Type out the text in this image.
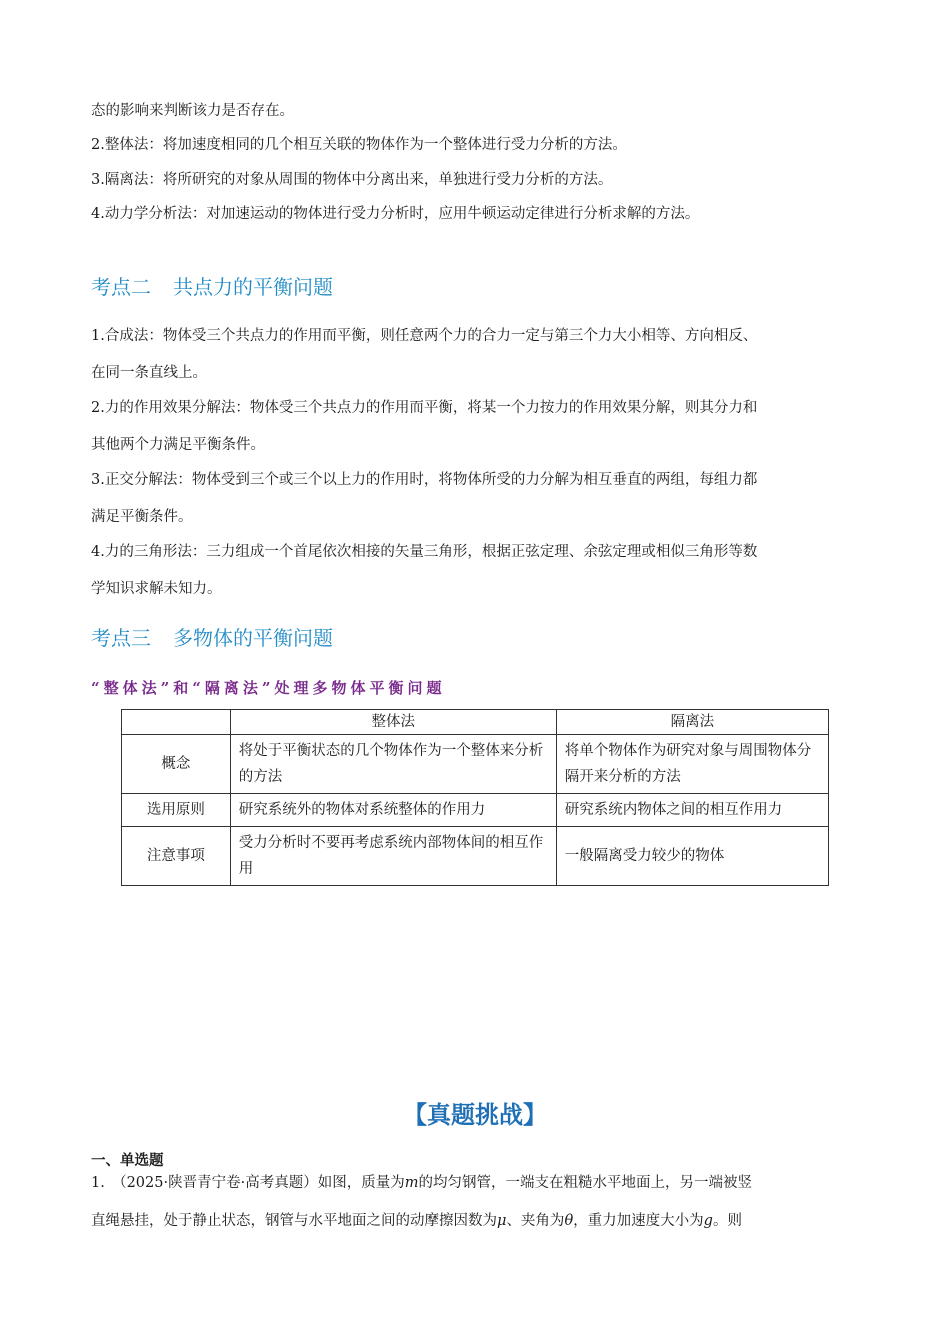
态的影响来判断该力是否存在。
2.整体法：将加速度相同的几个相互关联的物体作为一个整体进行受力分析的方法。
3.隔离法：将所研究的对象从周围的物体中分离出来，单独进行受力分析的方法。
4.动力学分析法：对加速运动的物体进行受力分析时，应用牛顿运动定律进行分析求解的方法。
考点二 共点力的平衡问题
1.合成法：物体受三个共点力的作用而平衡，则任意两个力的合力一定与第三个力大小相等、方向相反、
在同一条直线上。
2.力的作用效果分解法：物体受三个共点力的作用而平衡，将某一个力按力的作用效果分解，则其分力和
其他两个力满足平衡条件。
3.正交分解法：物体受到三个或三个以上力的作用时，将物体所受的力分解为相互垂直的两组，每组力都
满足平衡条件。
4.力的三角形法：三力组成一个首尾依次相接的矢量三角形，根据正弦定理、余弦定理或相似三角形等数
学知识求解未知力。
考点三 多物体的平衡问题
“整体法”和“隔离法”处理多物体平衡问题
	整体法	隔离法
概念	将处于平衡状态的几个物体作为一个整体来分析的方法	将单个物体作为研究对象与周围物体分隔开来分析的方法
选用原则	研究系统外的物体对系统整体的作用力	研究系统内物体之间的相互作用力
注意事项	受力分析时不要再考虑系统内部物体间的相互作用	一般隔离受力较少的物体
【真题挑战】
一、单选题
1.　（2025·陕晋青宁卷·高考真题）如图，质量为m的均匀钢管，一端支在粗糙水平地面上，另一端被竖
直绳悬挂，处于静止状态，钢管与水平地面之间的动摩擦因数为μ、夹角为θ，重力加速度大小为g。则
